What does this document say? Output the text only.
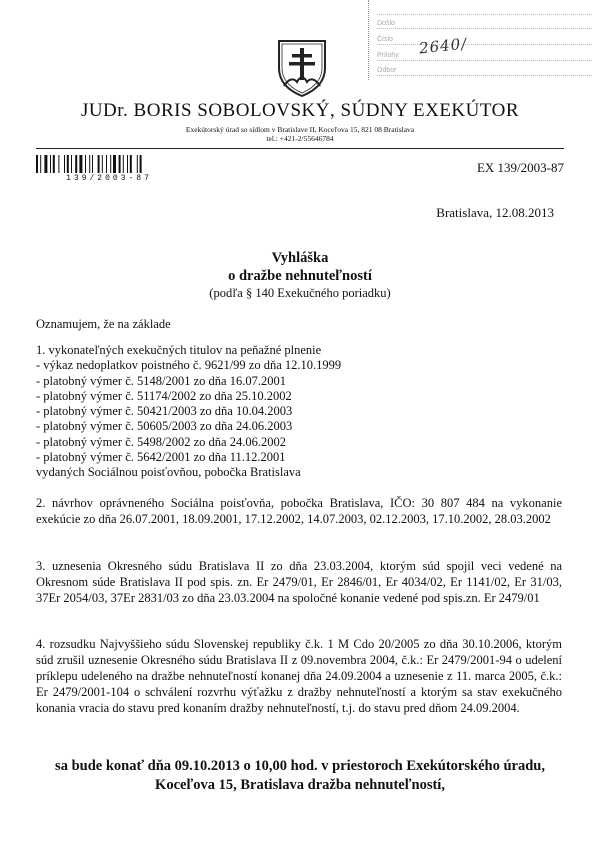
Došlo
Číslo
Prílohy
Odbor
2640/
JUDr. BORIS SOBOLOVSKÝ, SÚDNY EXEKÚTOR
Exekútorský úrad so sídlom v Bratislave II, Koceľova 15, 821 08 Bratislava
tel.: +421-2/55646784
139/2003-87
EX 139/2003-87
Bratislava, 12.08.2013
Vyhláška
o dražbe nehnuteľností
(podľa § 140 Exekučného poriadku)
Oznamujem, že na základe
1. vykonateľných exekučných titulov na peňažné plnenie
- výkaz nedoplatkov poistného č. 9621/99 zo dňa 12.10.1999
- platobný výmer č. 5148/2001 zo dňa 16.07.2001
- platobný výmer č. 51174/2002 zo dňa 25.10.2002
- platobný výmer č. 50421/2003 zo dňa 10.04.2003
- platobný výmer č. 50605/2003 zo dňa 24.06.2003
- platobný výmer č. 5498/2002 zo dňa 24.06.2002
- platobný výmer č. 5642/2001 zo dňa 11.12.2001
vydaných Sociálnou poisťovňou, pobočka Bratislava
2. návrhov oprávneného Sociálna poisťovňa, pobočka Bratislava, IČO: 30 807 484 na vykonanie exekúcie zo dňa 26.07.2001, 18.09.2001, 17.12.2002, 14.07.2003, 02.12.2003, 17.10.2002, 28.03.2002
3. uznesenia Okresného súdu Bratislava II zo dňa 23.03.2004, ktorým súd spojil veci vedené na Okresnom súde Bratislava II pod spis. zn. Er 2479/01, Er 2846/01, Er 4034/02, Er 1141/02, Er 31/03, 37Er 2054/03, 37Er 2831/03 zo dňa 23.03.2004 na spoločné konanie vedené pod spis.zn. Er 2479/01
4. rozsudku Najvyššieho súdu Slovenskej republiky č.k. 1 M Cdo 20/2005 zo dňa 30.10.2006, ktorým súd zrušil uznesenie Okresného súdu Bratislava II z 09.novembra 2004, č.k.: Er 2479/2001-94 o udelení príklepu udeleného na dražbe nehnuteľností konanej dňa 24.09.2004 a uznesenie z 11. marca 2005, č.k.: Er 2479/2001-104 o schválení rozvrhu výťažku z dražby nehnuteľností a ktorým sa stav exekučného konania vracia do stavu pred konaním dražby nehnuteľností, t.j. do stavu pred dňom 24.09.2004.
sa bude konať dňa 09.10.2013 o 10,00 hod. v priestoroch Exekútorského úradu,
Koceľova 15, Bratislava dražba nehnuteľností,
